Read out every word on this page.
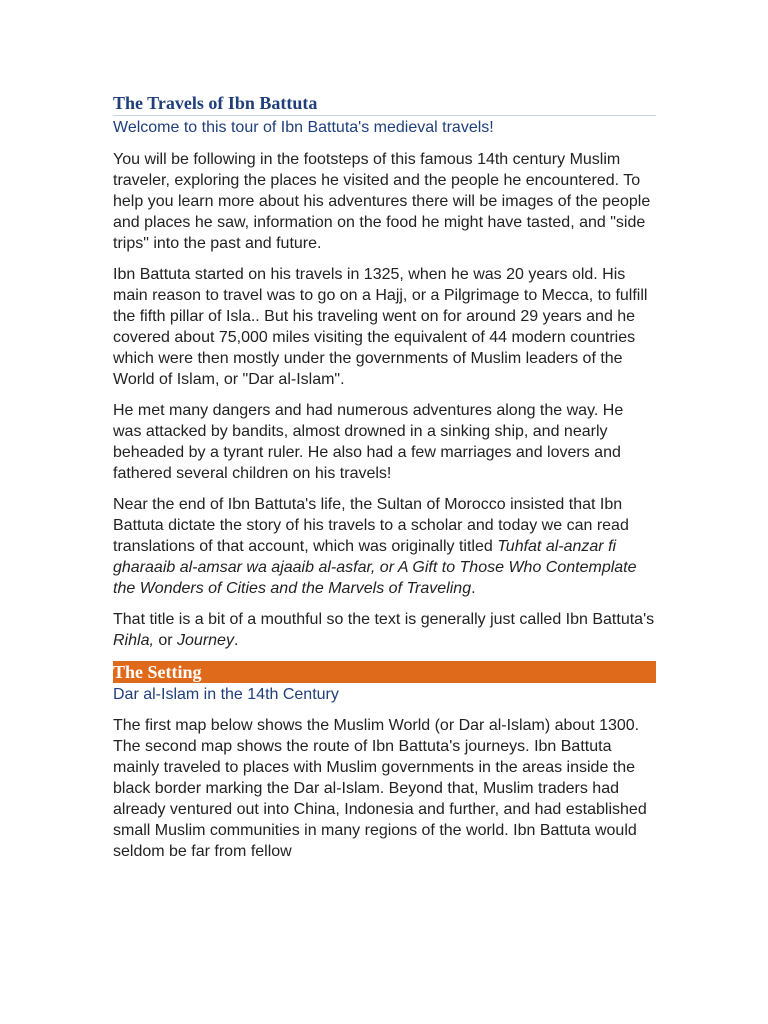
The Travels of Ibn Battuta

Welcome to this tour of Ibn Battuta's medieval travels!

You will be following in the footsteps of this famous 14th century Muslim traveler, exploring the places he visited and the people he encountered. To help you learn more about his adventures there will be images of the people and places he saw, information on the food he might have tasted, and "side trips" into the past and future.

Ibn Battuta started on his travels in 1325, when he was 20 years old. His main reason to travel was to go on a Hajj, or a Pilgrimage to Mecca, to fulfill the fifth pillar of Isla.. But his traveling went on for around 29 years and he covered about 75,000 miles visiting the equivalent of 44 modern countries which were then mostly under the governments of Muslim leaders of the World of Islam, or "Dar al-Islam".

He met many dangers and had numerous adventures along the way. He was attacked by bandits, almost drowned in a sinking ship, and nearly beheaded by a tyrant ruler. He also had a few marriages and lovers and fathered several children on his travels!

Near the end of Ibn Battuta's life, the Sultan of Morocco insisted that Ibn Battuta dictate the story of his travels to a scholar and today we can read translations of that account, which was originally titled Tuhfat al-anzar fi gharaaib al-amsar wa ajaaib al-asfar, or A Gift to Those Who Contemplate the Wonders of Cities and the Marvels of Traveling.

That title is a bit of a mouthful so the text is generally just called Ibn Battuta's Rihla, or Journey.

The Setting

Dar al-Islam in the 14th Century

The first map below shows the Muslim World (or Dar al-Islam) about 1300. The second map shows the route of Ibn Battuta's journeys. Ibn Battuta mainly traveled to places with Muslim governments in the areas inside the black border marking the Dar al-Islam. Beyond that, Muslim traders had already ventured out into China, Indonesia and further, and had established small Muslim communities in many regions of the world. Ibn Battuta would seldom be far from fellow
